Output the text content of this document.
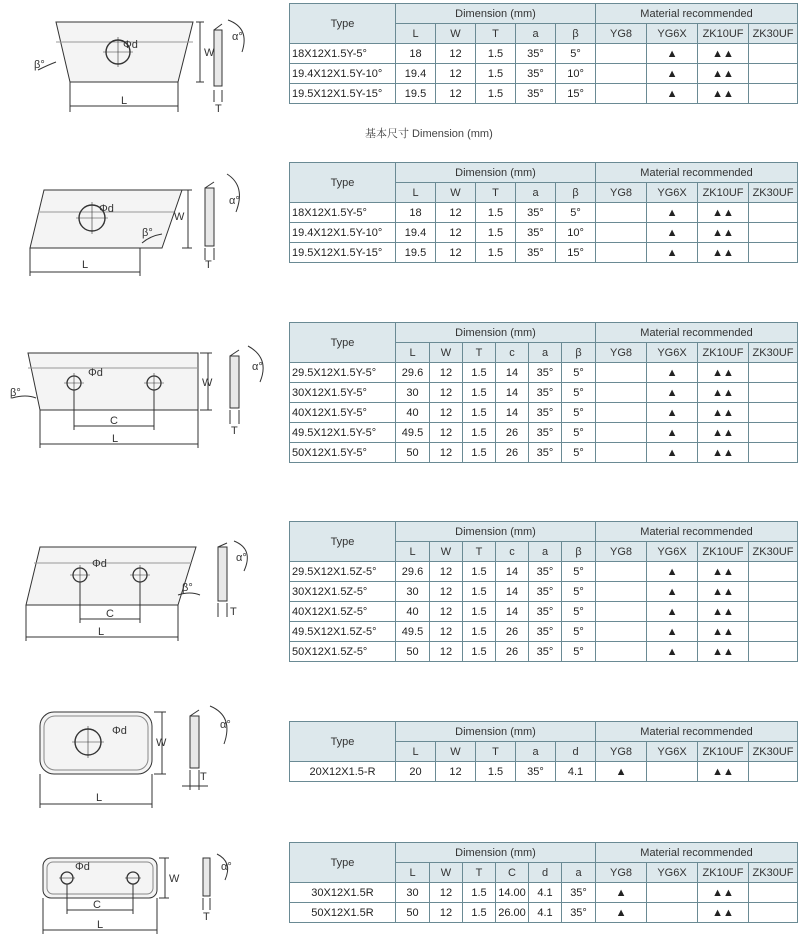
基本尺寸 Dimension (mm)
L
W
Φd
β°
α°
T
L
W
Φd
β°
α°
T
C
L
W
Φd
β°
α°
T
C
L
Φd
β°
α°
T
L
W
Φd	α°
T
C
L
W
Φd	α°
T
Type	Dimension (mm)					Material recommended			
	L	W	T	a	β	YG8	YG6X	ZK10UF	ZK30UF
18X12X1.5Y-5°	18	12	1.5	35°	5°		▲	▲▲	
19.4X12X1.5Y-10°	19.4	12	1.5	35°	10°		▲	▲▲	
19.5X12X1.5Y-15°	19.5	12	1.5	35°	15°		▲	▲▲	
Type	Dimension (mm)					Material recommended			
	L	W	T	a	β	YG8	YG6X	ZK10UF	ZK30UF
18X12X1.5Y-5°	18	12	1.5	35°	5°		▲	▲▲	
19.4X12X1.5Y-10°	19.4	12	1.5	35°	10°		▲	▲▲	
19.5X12X1.5Y-15°	19.5	12	1.5	35°	15°		▲	▲▲	
Type	Dimension (mm)						Material recommended			
	L	W	T	c	a	β	YG8	YG6X	ZK10UF	ZK30UF
29.5X12X1.5Y-5°	29.6	12	1.5	14	35°	5°		▲	▲▲	
30X12X1.5Y-5°	30	12	1.5	14	35°	5°		▲	▲▲	
40X12X1.5Y-5°	40	12	1.5	14	35°	5°		▲	▲▲	
49.5X12X1.5Y-5°	49.5	12	1.5	26	35°	5°		▲	▲▲	
50X12X1.5Y-5°	50	12	1.5	26	35°	5°		▲	▲▲	
Type	Dimension (mm)						Material recommended			
	L	W	T	c	a	β	YG8	YG6X	ZK10UF	ZK30UF
29.5X12X1.5Z-5°	29.6	12	1.5	14	35°	5°		▲	▲▲	
30X12X1.5Z-5°	30	12	1.5	14	35°	5°		▲	▲▲	
40X12X1.5Z-5°	40	12	1.5	14	35°	5°		▲	▲▲	
49.5X12X1.5Z-5°	49.5	12	1.5	26	35°	5°		▲	▲▲	
50X12X1.5Z-5°	50	12	1.5	26	35°	5°		▲	▲▲	
Type	Dimension (mm)					Material recommended			
	L	W	T	a	d	YG8	YG6X	ZK10UF	ZK30UF
20X12X1.5-R	20	12	1.5	35°	4.1	▲		▲▲	
Type	Dimension (mm)						Material recommended			
	L	W	T	C	d	a	YG8	YG6X	ZK10UF	ZK30UF
30X12X1.5R	30	12	1.5	14.00	4.1	35°	▲		▲▲	
50X12X1.5R	50	12	1.5	26.00	4.1	35°	▲		▲▲	
